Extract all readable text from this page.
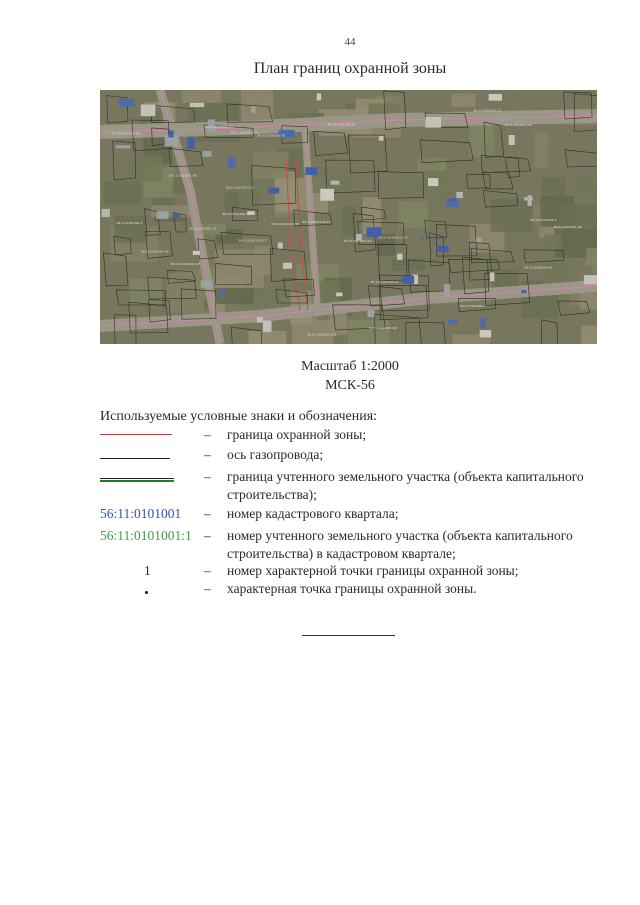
44
План границ охранной зоны
Масштаб 1:2000
МСК-56
Используемые условные знаки и обозначения:
– граница охранной зоны;
– ось газопровода;
– граница учтенного земельного участка (объекта капитального строительства);
56:11:0101001	– номер кадастрового квартала;
56:11:0101001:1 – номер учтенного земельного участка (объекта капитального строительства) в кадастровом квартале;
1	– номер характерной точки границы охранной зоны;
– характерная точка границы охранной зоны.
